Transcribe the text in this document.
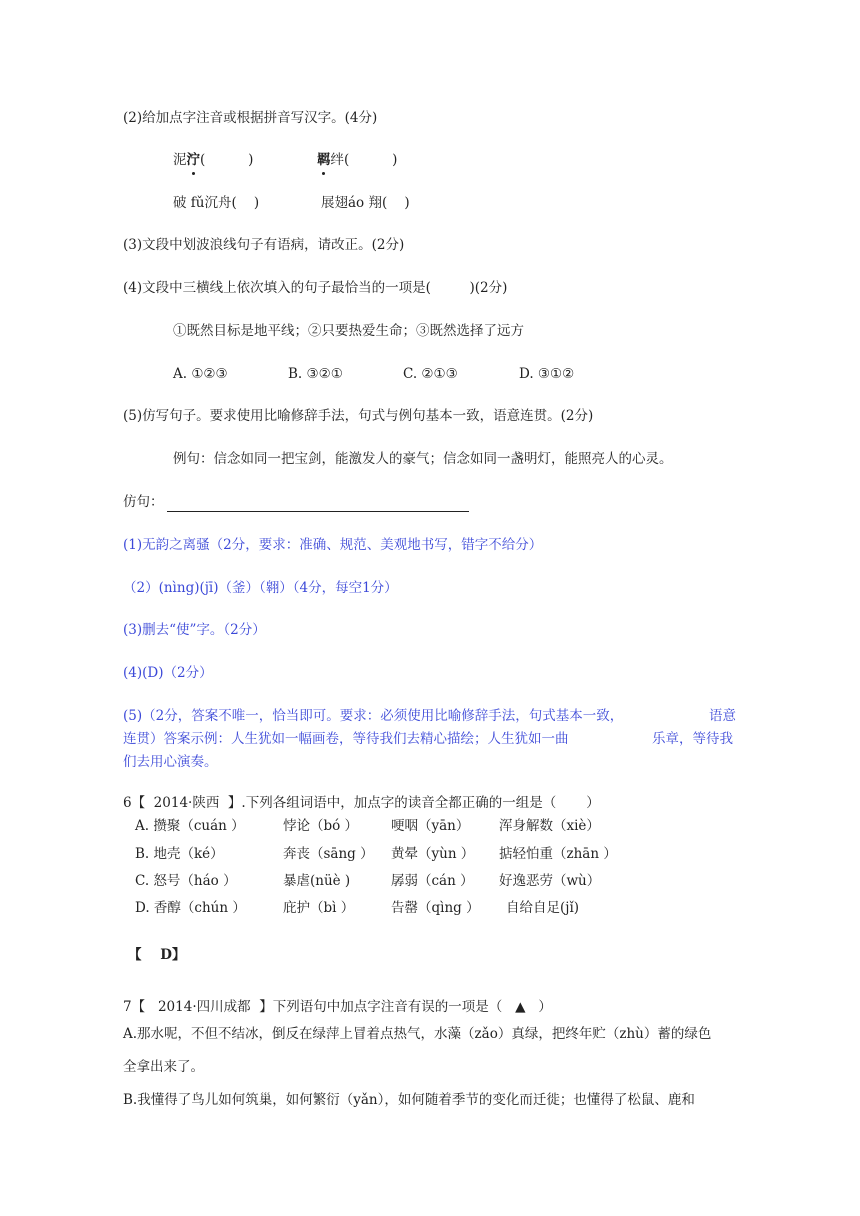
(2)给加点字注音或根据拼音写汉字。(4分)
泥泞(          )	羁绊(          )
破 fǔ沉舟(    )	展翅áo 翔(    )
(3)文段中划波浪线句子有语病，请改正。(2分)
(4)文段中三横线上依次填入的句子最恰当的一项是(         )(2分)
①既然目标是地平线；②只要热爱生命；③既然选择了远方
A. ①②③	B. ③②①	C. ②①③	D. ③①②
(5)仿写句子。要求使用比喻修辞手法，句式与例句基本一致，语意连贯。(2分)
例句：信念如同一把宝剑，能激发人的豪气；信念如同一盏明灯，能照亮人的心灵。
仿句：
(1)无韵之离骚（2分，要求：准确、规范、美观地书写，错字不给分）
（2）(nìng)(jī)（釜）（翱）（4分，每空1分）
(3)删去“使”字。（2分）
(4)(D)（2分）
(5)（2分，答案不唯一，恰当即可。要求：必须使用比喻修辞手法，句式基本一致，	语意
连贯）答案示例：人生犹如一幅画卷，等待我们去精心描绘；人生犹如一曲	乐章，等待我
们去用心演奏。
6【  2014·陕西  】.下列各组词语中，加点字的读音全都正确的一组是（       ）
A. 攒聚（cuán ）	悖论（bó ） 哽咽（yān） 浑身解数（xiè）
B. 地壳（ké）	奔丧（sāng ） 黄晕（yùn ） 掂轻怕重（zhān ）
C. 怒号（háo ）	暴虐(nüè )	孱弱（cán ） 好逸恶劳（wù）
D. 香醇（chún ）	庇护（bì ）	告罄（qìng ） 自给自足(jǐ)
【    D】
7【   2014·四川成都  】下列语句中加点字注音有误的一项是（   ▲   ）
A.那水呢，不但不结冰，倒反在绿萍上冒着点热气，水藻（zǎo）真绿，把终年贮（zhù）蓄的绿色
全拿出来了。
B.我懂得了鸟儿如何筑巢，如何繁衍（yǎn），如何随着季节的变化而迁徙；也懂得了松鼠、鹿和
